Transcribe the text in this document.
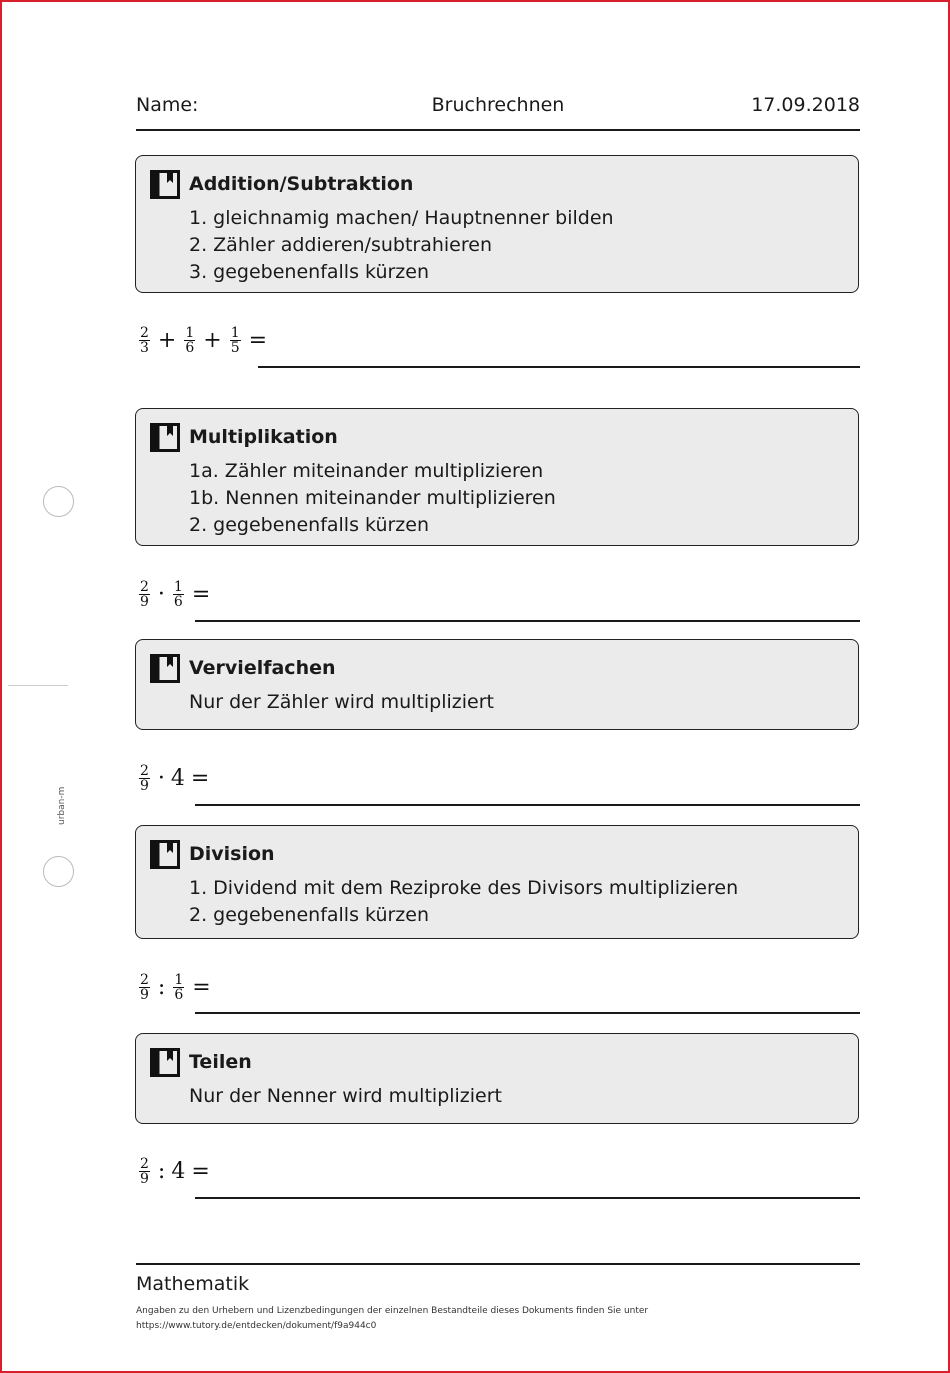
Name:	Bruchrechnen	17.09.2018
Addition/Subtraktion
1. gleichnamig machen/ Hauptnenner bilden
2. Zähler addieren/subtrahieren
3. gegebenenfalls kürzen
$\frac{2}{3} + \frac{1}{6} + \frac{1}{5}$ =
Multiplikation
1a. Zähler miteinander multiplizieren
1b. Nennen miteinander multiplizieren
2. gegebenenfalls kürzen
$\frac{2}{9} \cdot \frac{1}{6}$ =
Vervielfachen
Nur der Zähler wird multipliziert
$\frac{2}{9} \cdot 4$ =
Division
1. Dividend mit dem Reziproke des Divisors multiplizieren
2. gegebenenfalls kürzen
$\frac{2}{9}$ : $\frac{1}{6}$ =
Teilen
Nur der Nenner wird multipliziert
$\frac{2}{9}$ : 4 =
urban-m
Mathematik
Angaben zu den Urhebern und Lizenzbedingungen der einzelnen Bestandteile dieses Dokuments finden Sie unter
https://www.tutory.de/entdecken/dokument/f9a944c0
